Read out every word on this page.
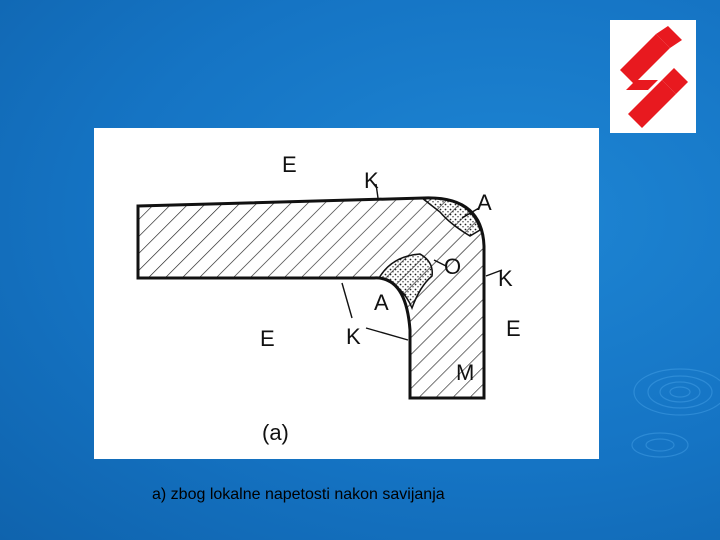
E
K
A
O K
A
E	K	E
M
(a)
a) zbog lokalne napetosti nakon savijanja
